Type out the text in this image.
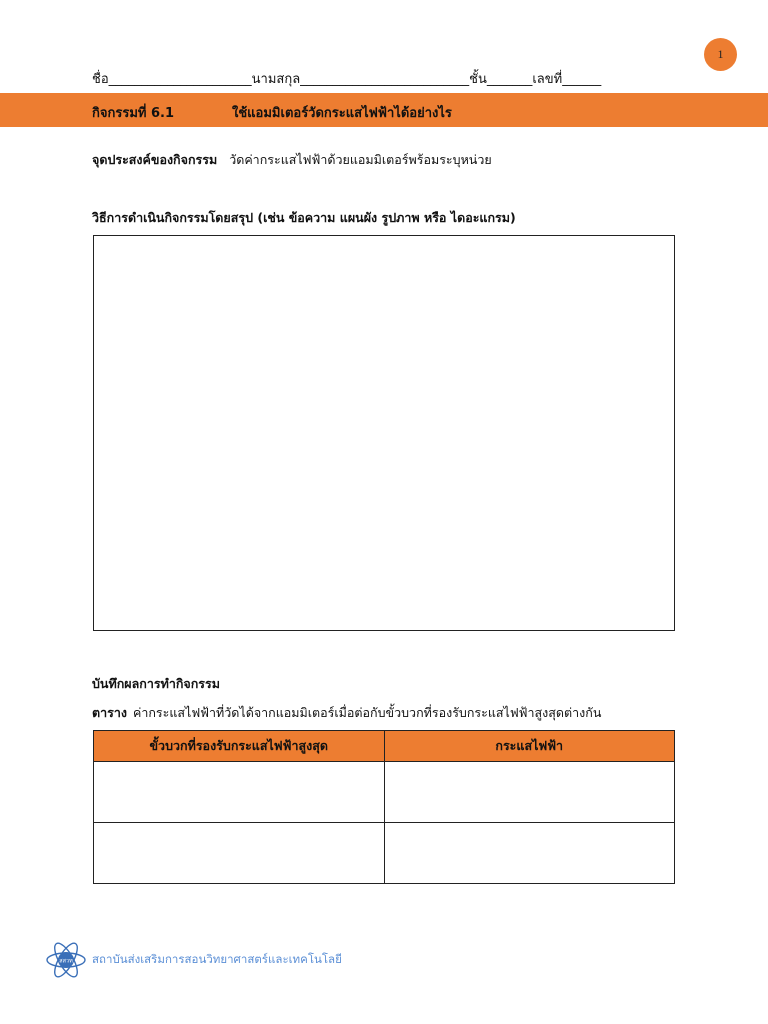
1
ชื่อ______________________นามสกุล__________________________ชั้น_______เลขที่______
กิจกรรมที่ 6.1	ใช้แอมมิเตอร์วัดกระแสไฟฟ้าได้อย่างไร
จุดประสงค์ของกิจกรรม วัดค่ากระแสไฟฟ้าด้วยแอมมิเตอร์พร้อมระบุหน่วย
วิธีการดำเนินกิจกรรมโดยสรุป (เช่น ข้อความ แผนผัง รูปภาพ หรือ ไดอะแกรม)
บันทึกผลการทำกิจกรรม
ตาราง ค่ากระแสไฟฟ้าที่วัดได้จากแอมมิเตอร์เมื่อต่อกับขั้วบวกที่รองรับกระแสไฟฟ้าสูงสุดต่างกัน
ขั้วบวกที่รองรับกระแสไฟฟ้าสูงสุด	กระแสไฟฟ้า

สสวท สถาบันส่งเสริมการสอนวิทยาศาสตร์และเทคโนโลยี
